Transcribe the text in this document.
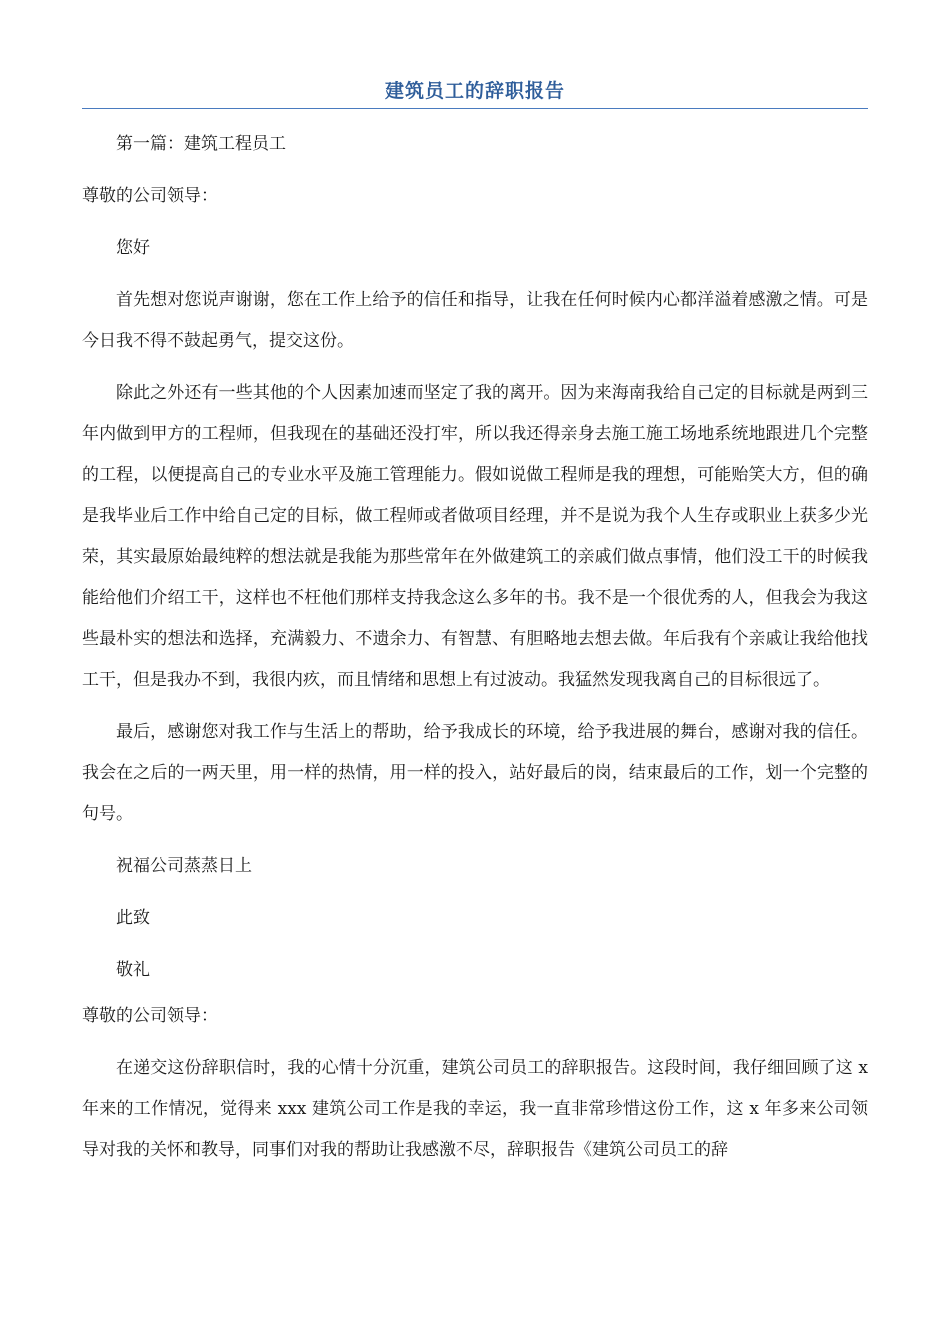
建筑员工的辞职报告

第一篇：建筑工程员工

尊敬的公司领导：

您好

首先想对您说声谢谢，您在工作上给予的信任和指导，让我在任何时候内心都洋溢着感激之情。可是今日我不得不鼓起勇气，提交这份。

除此之外还有一些其他的个人因素加速而坚定了我的离开。因为来海南我给自己定的目标就是两到三年内做到甲方的工程师，但我现在的基础还没打牢，所以我还得亲身去施工施工场地系统地跟进几个完整的工程，以便提高自己的专业水平及施工管理能力。假如说做工程师是我的理想，可能贻笑大方，但的确是我毕业后工作中给自己定的目标，做工程师或者做项目经理，并不是说为我个人生存或职业上获多少光荣，其实最原始最纯粹的想法就是我能为那些常年在外做建筑工的亲戚们做点事情，他们没工干的时候我能给他们介绍工干，这样也不枉他们那样支持我念这么多年的书。我不是一个很优秀的人，但我会为我这些最朴实的想法和选择，充满毅力、不遗余力、有智慧、有胆略地去想去做。年后我有个亲戚让我给他找工干，但是我办不到，我很内疚，而且情绪和思想上有过波动。我猛然发现我离自己的目标很远了。

最后，感谢您对我工作与生活上的帮助，给予我成长的环境，给予我进展的舞台，感谢对我的信任。我会在之后的一两天里，用一样的热情，用一样的投入，站好最后的岗，结束最后的工作，划一个完整的句号。

祝福公司蒸蒸日上

此致

敬礼

尊敬的公司领导：

在递交这份辞职信时，我的心情十分沉重，建筑公司员工的辞职报告。这段时间，我仔细回顾了这 x 年来的工作情况，觉得来 xxx 建筑公司工作是我的幸运，我一直非常珍惜这份工作，这 x 年多来公司领导对我的关怀和教导，同事们对我的帮助让我感激不尽，辞职报告《建筑公司员工的辞
